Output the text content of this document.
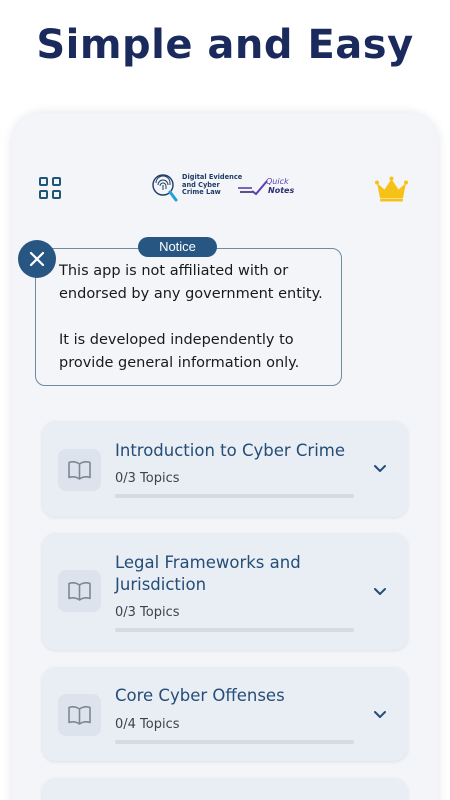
Simple and Easy
Digital Evidence
and Cyber
Crime Law
Quick
Notes
Notice
This app is not affiliated with or
endorsed by any government entity.
It is developed independently to
provide general information only.
Introduction to Cyber Crime
0/3 Topics
Legal Frameworks and
Jurisdiction
0/3 Topics
Core Cyber Offenses
0/4 Topics
